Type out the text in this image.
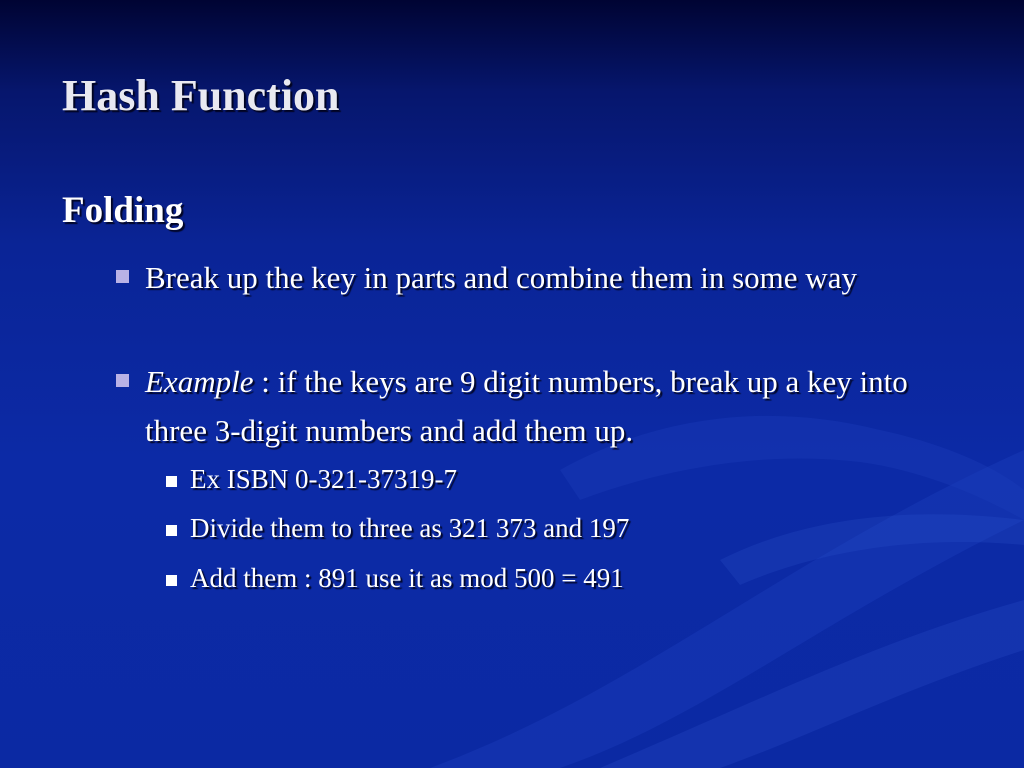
Hash Function
Folding
Break up the key in parts and combine them in some way
Example : if the keys are 9 digit numbers, break up a key into three 3-digit numbers and add them up.
Ex ISBN 0-321-37319-7
Divide them to three as 321 373 and 197
Add them : 891 use it as mod 500 = 491
